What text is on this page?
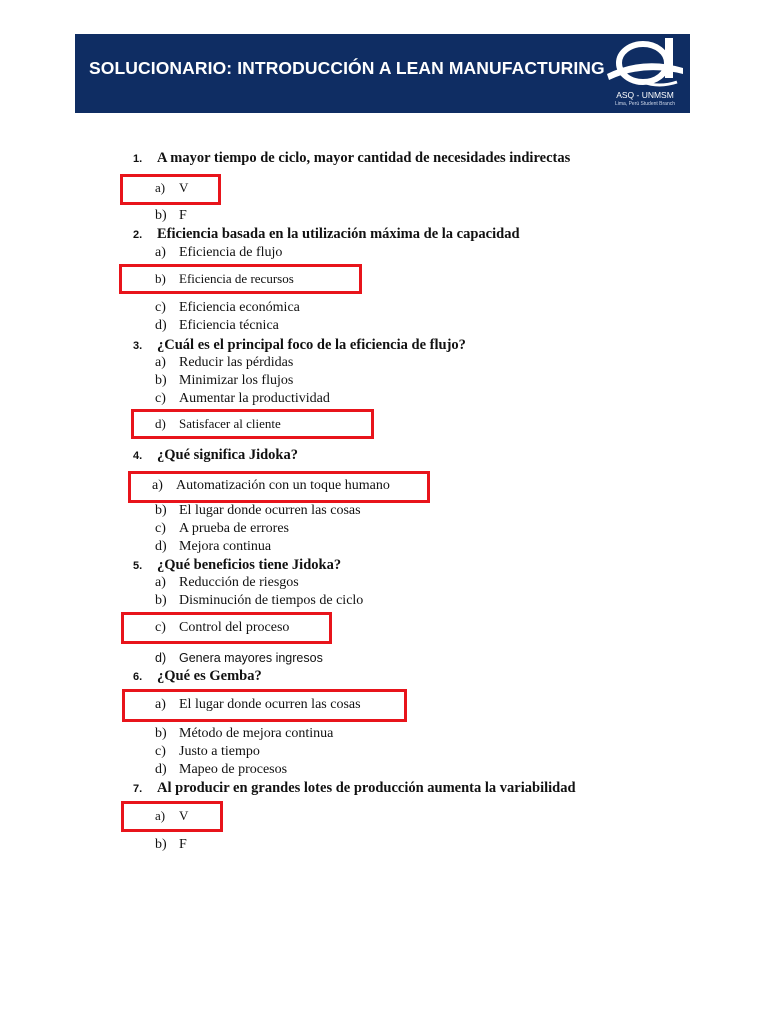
SOLUCIONARIO: INTRODUCCIÓN A LEAN MANUFACTURING
ASQ - UNMSM
Lima, Perú Student Branch
1. A mayor tiempo de ciclo, mayor cantidad de necesidades indirectas
a) V
b) F
2. Eficiencia basada en la utilización máxima de la capacidad
a) Eficiencia de flujo
b) Eficiencia de recursos
c) Eficiencia económica
d) Eficiencia técnica
3. ¿Cuál es el principal foco de la eficiencia de flujo?
a) Reducir las pérdidas
b) Minimizar los flujos
c) Aumentar la productividad
d) Satisfacer al cliente
4. ¿Qué significa Jidoka?
a) Automatización con un toque humano
b) El lugar donde ocurren las cosas
c) A prueba de errores
d) Mejora continua
5. ¿Qué beneficios tiene Jidoka?
a) Reducción de riesgos
b) Disminución de tiempos de ciclo
c) Control del proceso
d) Genera mayores ingresos
6. ¿Qué es Gemba?
a) El lugar donde ocurren las cosas
b) Método de mejora continua
c) Justo a tiempo
d) Mapeo de procesos
7. Al producir en grandes lotes de producción aumenta la variabilidad
a) V
b) F
